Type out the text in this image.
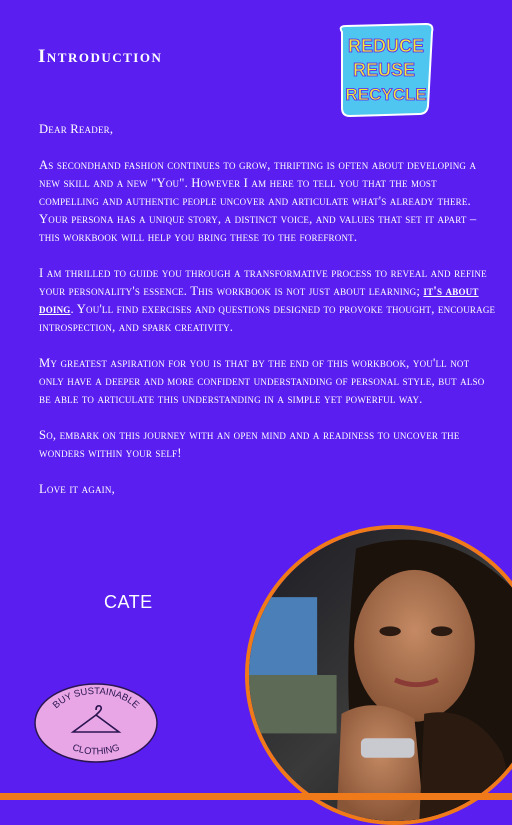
Introduction	REDUCE
REUSE
RECYCLE

Dear Reader,

As secondhand fashion continues to grow, thrifting is often about developing a new skill and a new "You". However I am here to tell you that the most compelling and authentic people uncover and articulate what's already there. Your persona has a unique story, a distinct voice, and values that set it apart – this workbook will help you bring these to the forefront.

I am thrilled to guide you through a transformative process to reveal and refine your personality's essence. This workbook is not just about learning; it's about doing. You'll find exercises and questions designed to provoke thought, encourage introspection, and spark creativity.

My greatest aspiration for you is that by the end of this workbook, you'll not only have a deeper and more confident understanding of personal style, but also be able to articulate this understanding in a simple yet powerful way.

So, embark on this journey with an open mind and a readiness to uncover the wonders within your self!

Love it again,

CATE
BUY SUSTAINABLE
CLOTHING
